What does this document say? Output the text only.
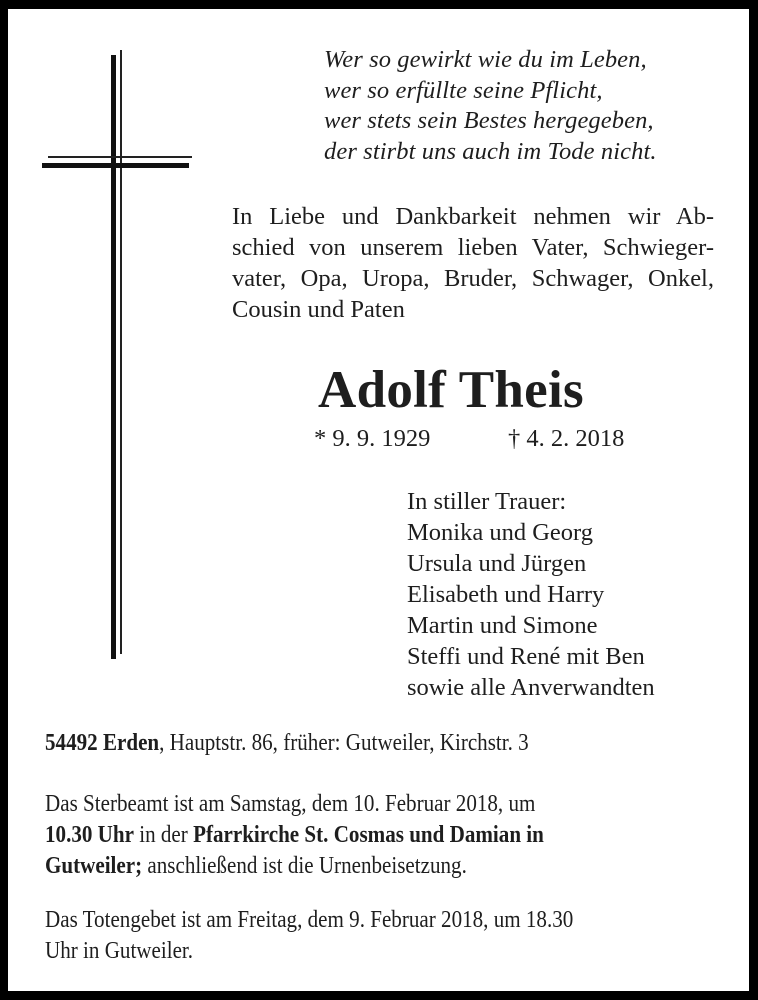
Wer so gewirkt wie du im Leben,
wer so erfüllte seine Pflicht,
wer stets sein Bestes hergegeben,
der stirbt uns auch im Tode nicht.
In Liebe und Dankbarkeit nehmen wir Ab-
schied von unserem lieben Vater, Schwieger-
vater, Opa, Uropa, Bruder, Schwager, Onkel,
Cousin und Paten
Adolf Theis
* 9. 9. 1929	† 4. 2. 2018
In stiller Trauer:
Monika und Georg
Ursula und Jürgen
Elisabeth und Harry
Martin und Simone
Steffi und René mit Ben
sowie alle Anverwandten
54492 Erden, Hauptstr. 86, früher: Gutweiler, Kirchstr. 3
Das Sterbeamt ist am Samstag, dem 10. Februar 2018, um
10.30 Uhr in der Pfarrkirche St. Cosmas und Damian in
Gutweiler; anschließend ist die Urnenbeisetzung.
Das Totengebet ist am Freitag, dem 9. Februar 2018, um 18.30
Uhr in Gutweiler.
